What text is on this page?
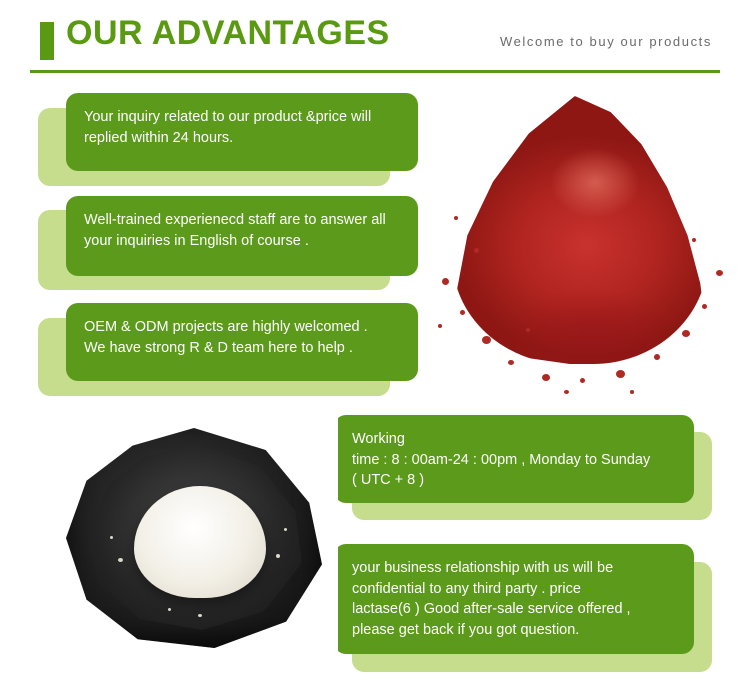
OUR ADVANTAGES	Welcome to buy our products

Your inquiry related to our product &price will

replied within 24 hours.

Well-trained experienecd staff are to answer all

your inquiries in English of course .

OEM & ODM projects are highly welcomed .

We have strong R & D team here to help .

Working

time : 8 : 00am-24 : 00pm , Monday to Sunday

( UTC + 8 )

your business relationship with us will be

confidential to any third party . price

lactase(6 ) Good after-sale service offered ,

please get back if you got question.
